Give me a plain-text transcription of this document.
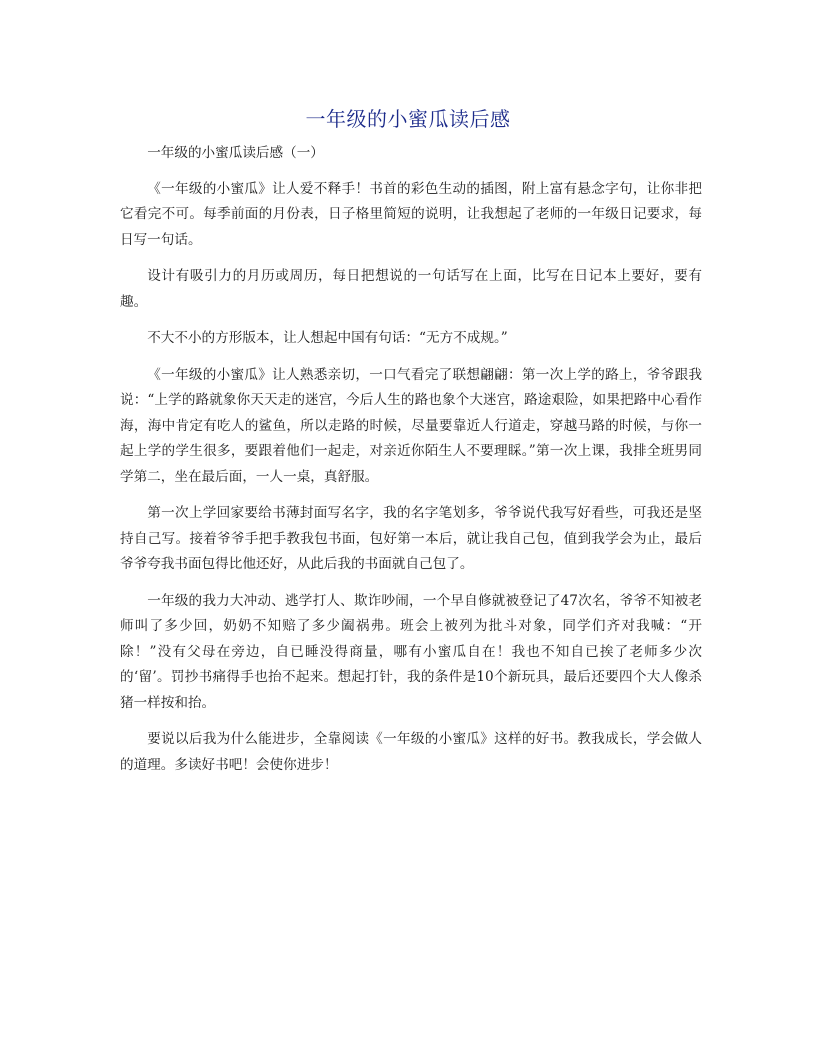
一年级的小蜜瓜读后感

一年级的小蜜瓜读后感（一）

《一年级的小蜜瓜》让人爱不释手！书首的彩色生动的插图，附上富有悬念字句，让你非把它看完不可。每季前面的月份表，日子格里简短的说明，让我想起了老师的一年级日记要求，每日写一句话。

设计有吸引力的月历或周历，每日把想说的一句话写在上面，比写在日记本上要好，要有趣。

不大不小的方形版本，让人想起中国有句话：“无方不成规。”

《一年级的小蜜瓜》让人熟悉亲切，一口气看完了联想翩翩：第一次上学的路上，爷爷跟我说：“上学的路就象你天天走的迷宫，今后人生的路也象个大迷宫，路途艰险，如果把路中心看作海，海中肯定有吃人的鲨鱼，所以走路的时候，尽量要靠近人行道走，穿越马路的时候，与你一起上学的学生很多，要跟着他们一起走，对亲近你陌生人不要理睬。”第一次上课，我排全班男同学第二，坐在最后面，一人一桌，真舒服。

第一次上学回家要给书薄封面写名字，我的名字笔划多，爷爷说代我写好看些，可我还是坚持自己写。接着爷爷手把手教我包书面，包好第一本后，就让我自己包，值到我学会为止，最后爷爷夸我书面包得比他还好，从此后我的书面就自己包了。

一年级的我力大冲动、逃学打人、欺诈吵闹，一个早自修就被登记了47次名，爷爷不知被老师叫了多少回，奶奶不知赔了多少阖祸弗。班会上被列为批斗对象，同学们齐对我喊：“开除！”没有父母在旁边，自已睡没得商量，哪有小蜜瓜自在！我也不知自已挨了老师多少次的‘留’。罚抄书痛得手也抬不起来。想起打针，我的条件是10个新玩具，最后还要四个大人像杀猪一样按和抬。

要说以后我为什么能进步，全靠阅读《一年级的小蜜瓜》这样的好书。教我成长，学会做人的道理。多读好书吧！会使你进步！
